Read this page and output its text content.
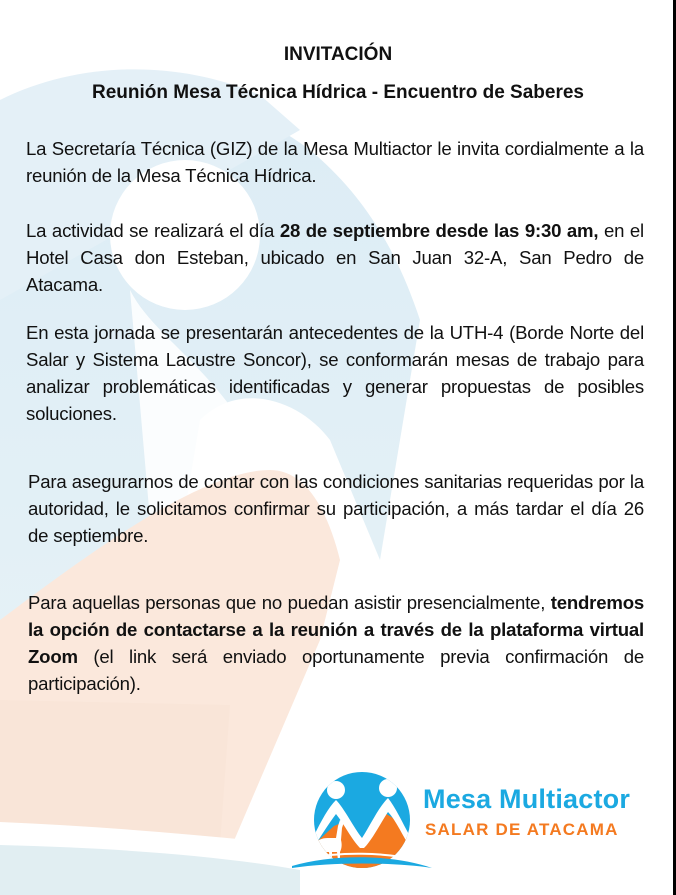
INVITACIÓN
Reunión Mesa Técnica Hídrica - Encuentro de Saberes

La Secretaría Técnica (GIZ) de la Mesa Multiactor le invita cordialmente a la reunión de la Mesa Técnica Hídrica.

La actividad se realizará el día 28 de septiembre desde las 9:30 am, en el Hotel Casa don Esteban, ubicado en San Juan 32-A, San Pedro de Atacama.

En esta jornada se presentarán antecedentes de la UTH-4 (Borde Norte del Salar y Sistema Lacustre Soncor), se conformarán mesas de trabajo para analizar problemáticas identificadas y generar propuestas de posibles soluciones.

Para asegurarnos de contar con las condiciones sanitarias requeridas por la autoridad, le solicitamos confirmar su participación, a más tardar el día 26 de septiembre.

Para aquellas personas que no puedan asistir presencialmente, tendremos la opción de contactarse a la reunión a través de la plataforma virtual Zoom (el link será enviado oportunamente previa confirmación de participación).

Mesa Multiactor
SALAR DE ATACAMA
